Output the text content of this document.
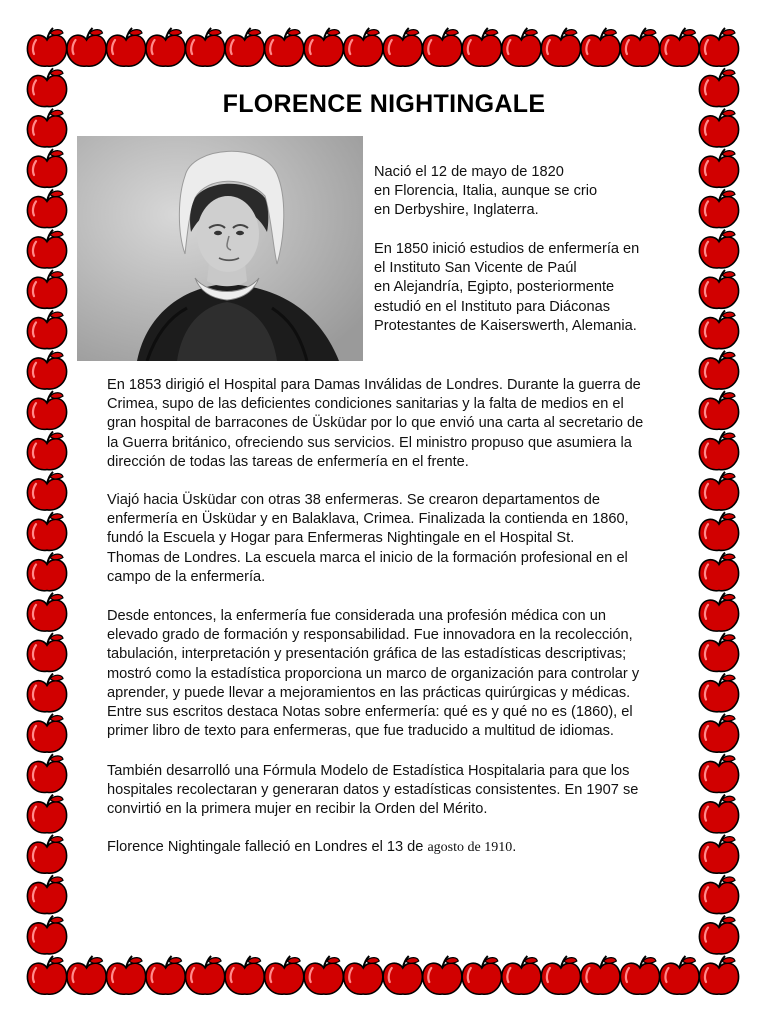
FLORENCE NIGHTINGALE
Nació el 12 de mayo de 1820
en Florencia, Italia, aunque se crio
en Derbyshire, Inglaterra.
En 1850 inició estudios de enfermería en
el Instituto San Vicente de Paúl
en Alejandría, Egipto, posteriormente
estudió en el Instituto para Diáconas
Protestantes de Kaiserswerth, Alemania.
En 1853 dirigió el Hospital para Damas Inválidas de Londres. Durante la guerra de
Crimea, supo de las deficientes condiciones sanitarias y la falta de medios en el
gran hospital de barracones de Üsküdar por lo que envió una carta al secretario de
la Guerra británico, ofreciendo sus servicios. El ministro propuso que asumiera la
dirección de todas las tareas de enfermería en el frente.
Viajó hacia Üsküdar con otras 38 enfermeras. Se crearon departamentos de
enfermería en Üsküdar y en Balaklava, Crimea. Finalizada la contienda en 1860,
fundó la Escuela y Hogar para Enfermeras Nightingale en el Hospital St.
Thomas de Londres. La escuela marca el inicio de la formación profesional en el
campo de la enfermería.
Desde entonces, la enfermería fue considerada una profesión médica con un
elevado grado de formación y responsabilidad. Fue innovadora en la recolección,
tabulación, interpretación y presentación gráfica de las estadísticas descriptivas;
mostró como la estadística proporciona un marco de organización para controlar y
aprender, y puede llevar a mejoramientos en las prácticas quirúrgicas y médicas.
Entre sus escritos destaca Notas sobre enfermería: qué es y qué no es (1860), el
primer libro de texto para enfermeras, que fue traducido a multitud de idiomas.
También desarrolló una Fórmula Modelo de Estadística Hospitalaria para que los
hospitales recolectaran y generaran datos y estadísticas consistentes. En 1907 se
convirtió en la primera mujer en recibir la Orden del Mérito.
Florence Nightingale falleció en Londres el 13 de agosto de 1910.
